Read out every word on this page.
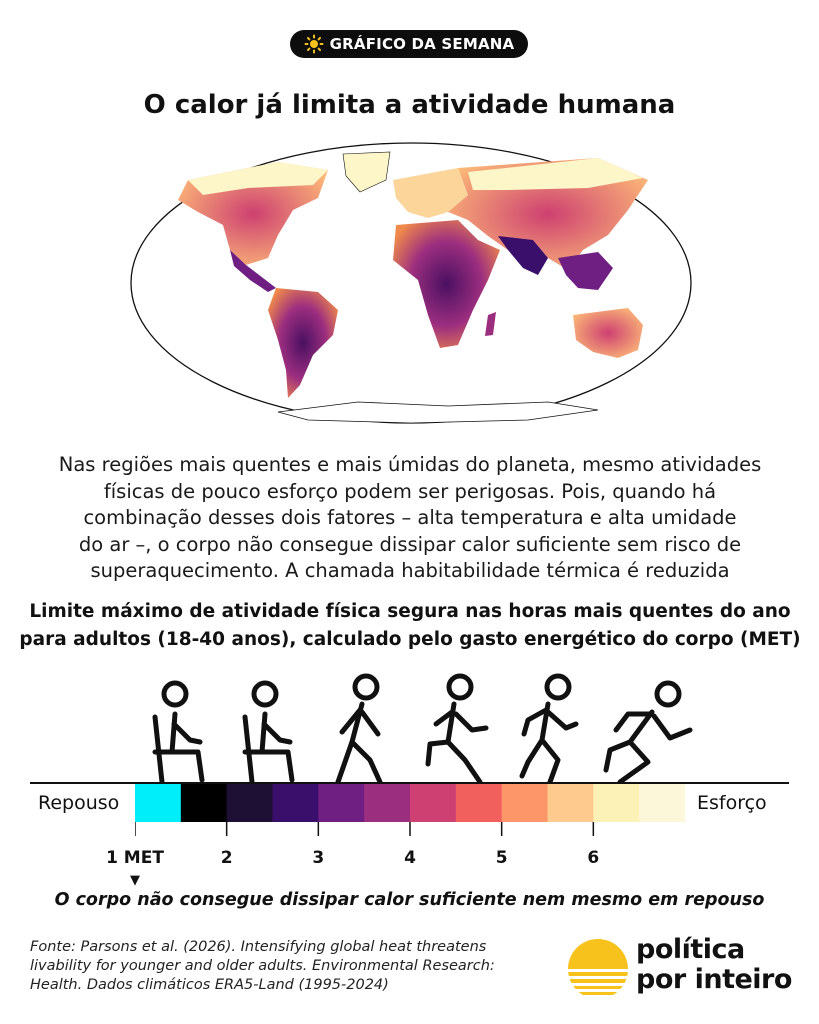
GRÁFICO DA SEMANA
O calor já limita a atividade humana
Nas regiões mais quentes e mais úmidas do planeta, mesmo atividades
físicas de pouco esforço podem ser perigosas. Pois, quando há
combinação desses dois fatores – alta temperatura e alta umidade
do ar –, o corpo não consegue dissipar calor suficiente sem risco de
superaquecimento. A chamada habitabilidade térmica é reduzida
Limite máximo de atividade física segura nas horas mais quentes do ano
para adultos (18-40 anos), calculado pelo gasto energético do corpo (MET)
Repouso	Esforço
1 MET	2	3	4	5	6
▼
O corpo não consegue dissipar calor suficiente nem mesmo em repouso
Fonte: Parsons et al. (2026). Intensifying global heat threatens
livability for younger and older adults. Environmental Research:
Health. Dados climáticos ERA5-Land (1995-2024)
política
por inteiro
